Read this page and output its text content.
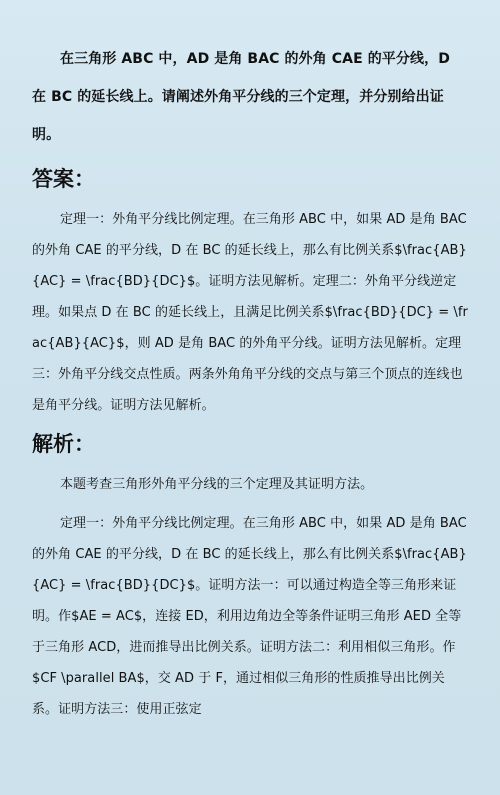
在三角形 ABC 中，AD 是角 BAC 的外角 CAE 的平分线，D 在 BC 的延长线上。请阐述外角平分线的三个定理，并分别给出证明。

答案：

定理一：外角平分线比例定理。在三角形 ABC 中，如果 AD 是角 BAC 的外角 CAE 的平分线，D 在 BC 的延长线上，那么有比例关系$\frac{AB}{AC} = \frac{BD}{DC}$。证明方法见解析。定理二：外角平分线逆定理。如果点 D 在 BC 的延长线上，且满足比例关系$\frac{BD}{DC} = \frac{AB}{AC}$，则 AD 是角 BAC 的外角平分线。证明方法见解析。定理三：外角平分线交点性质。两条外角角平分线的交点与第三个顶点的连线也是角平分线。证明方法见解析。

解析：

本题考查三角形外角平分线的三个定理及其证明方法。

定理一：外角平分线比例定理。在三角形 ABC 中，如果 AD 是角 BAC 的外角 CAE 的平分线，D 在 BC 的延长线上，那么有比例关系$\frac{AB}{AC} = \frac{BD}{DC}$。证明方法一：可以通过构造全等三角形来证明。作$AE = AC$，连接 ED，利用边角边全等条件证明三角形 AED 全等于三角形 ACD，进而推导出比例关系。证明方法二：利用相似三角形。作$CF \parallel BA$，交 AD 于 F，通过相似三角形的性质推导出比例关系。证明方法三：使用正弦定
